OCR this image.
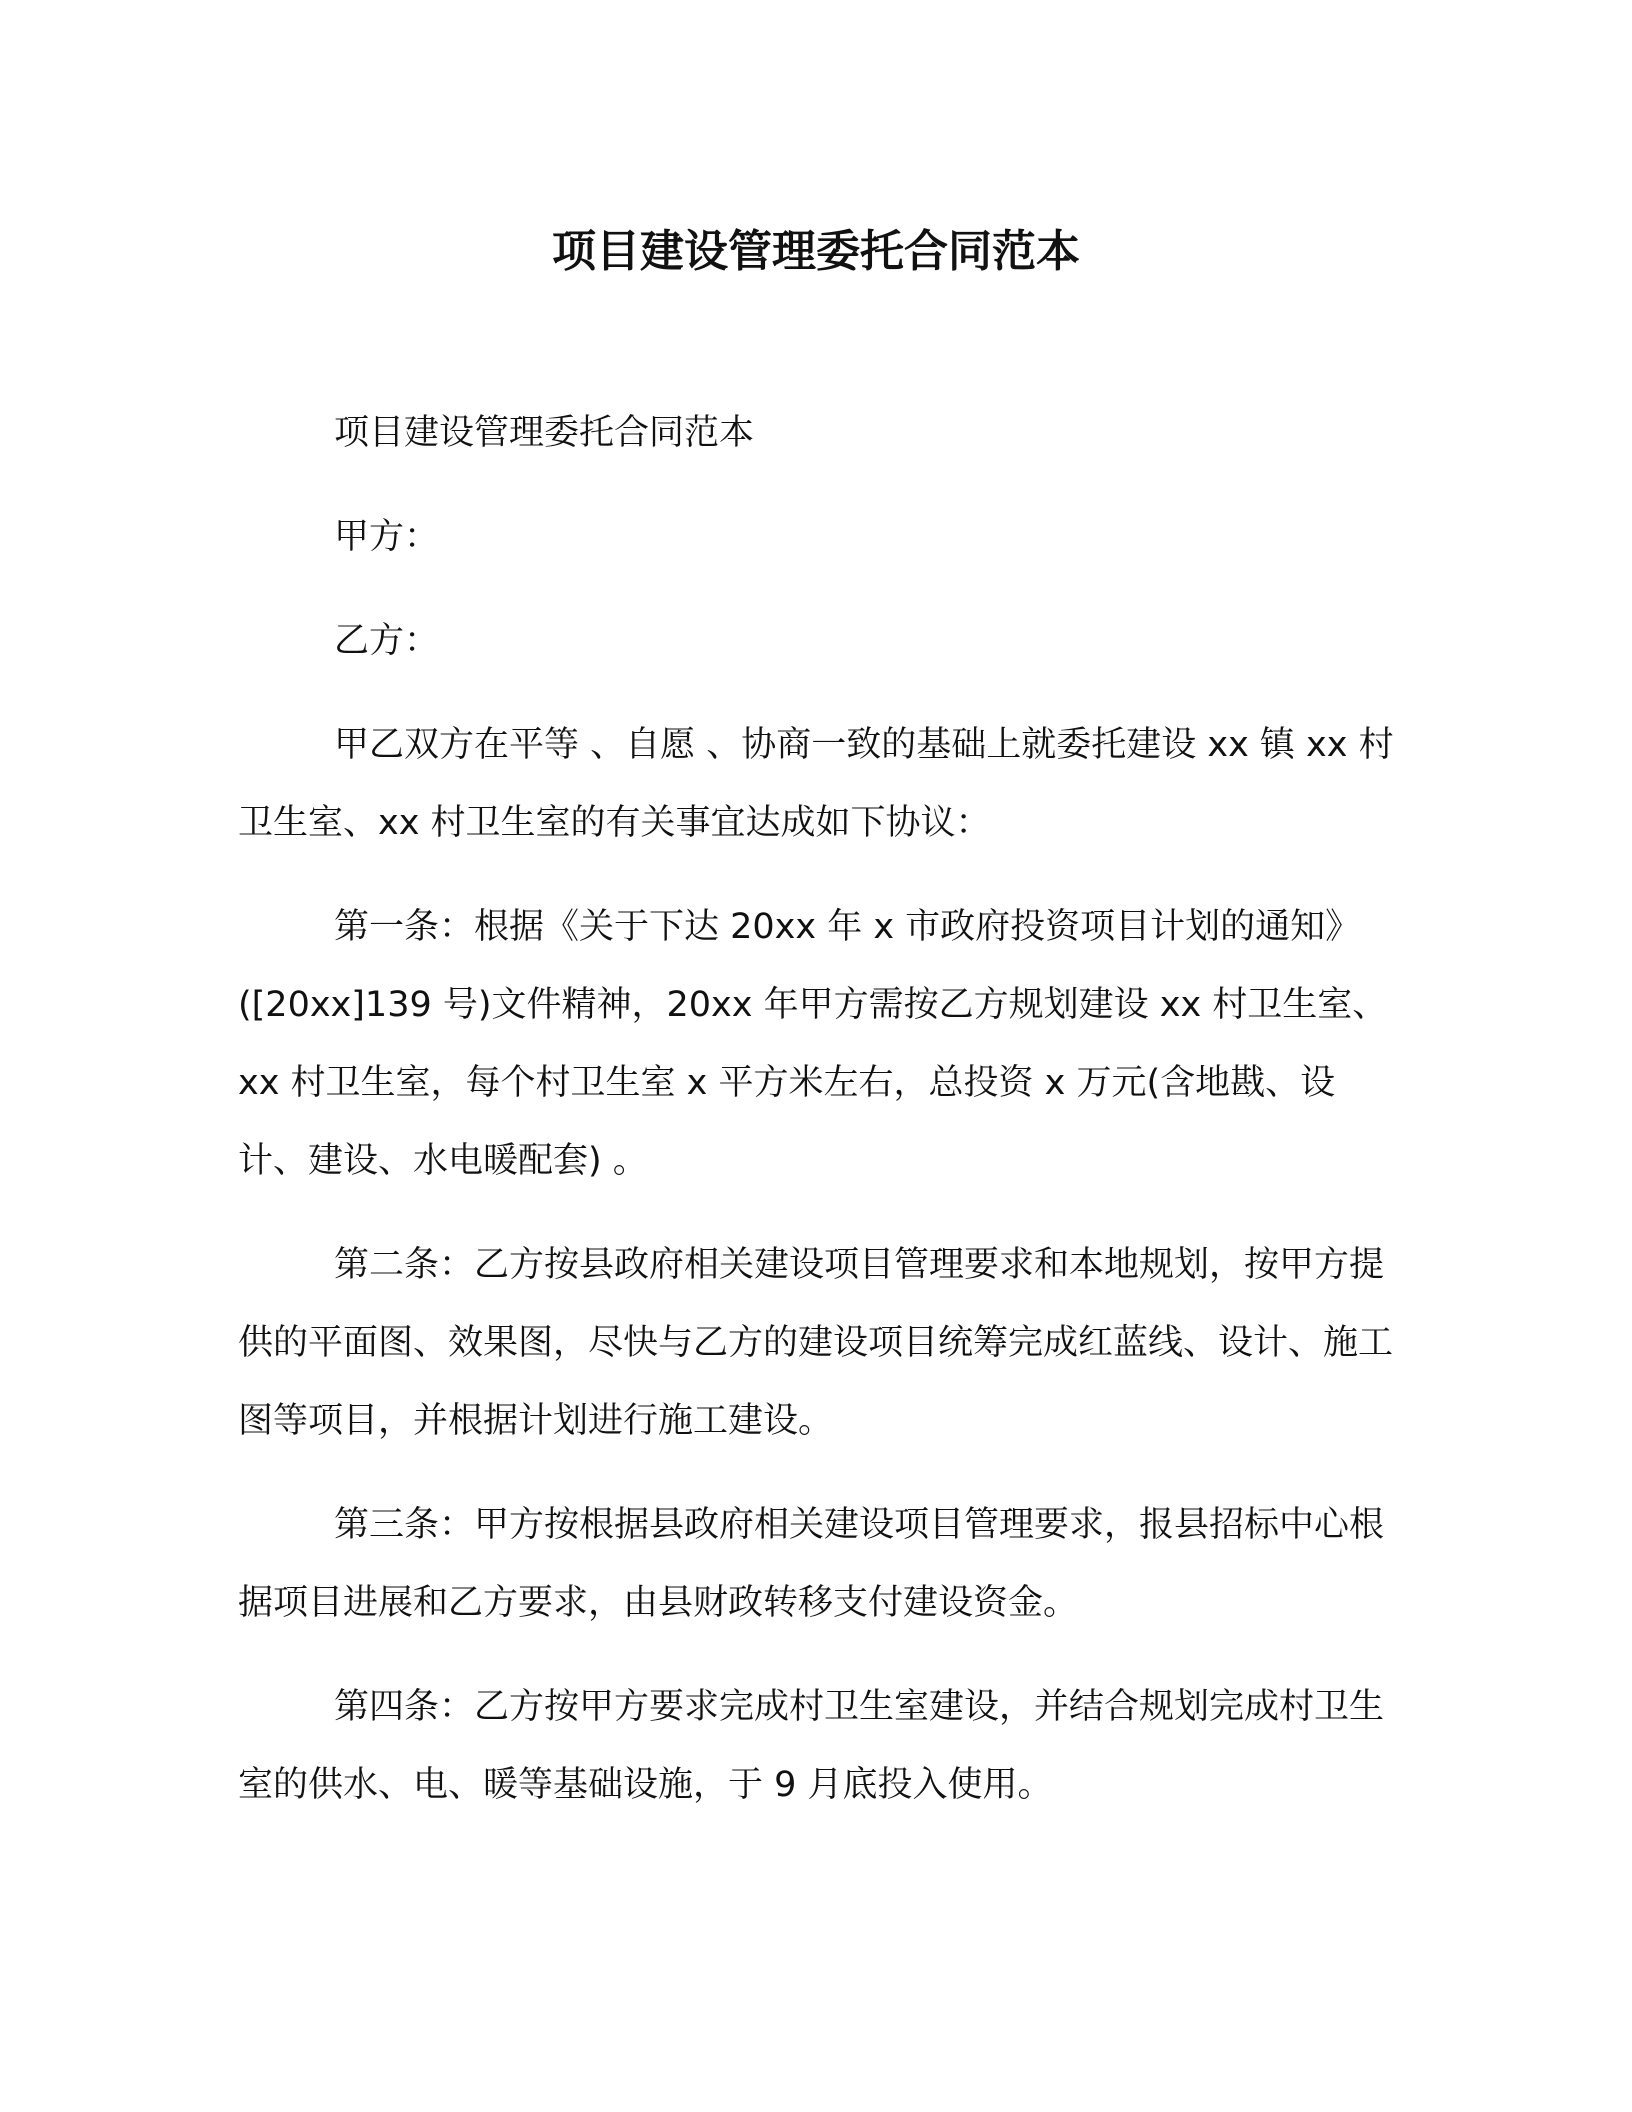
项目建设管理委托合同范本

项目建设管理委托合同范本

甲方：

乙方：

甲乙双方在平等 、自愿 、协商一致的基础上就委托建设 xx 镇 xx 村卫生室、xx 村卫生室的有关事宜达成如下协议：

第一条：根据《关于下达 20xx 年 x 市政府投资项目计划的通知》([20xx]139 号)文件精神，20xx 年甲方需按乙方规划建设 xx 村卫生室、xx 村卫生室，每个村卫生室 x 平方米左右，总投资 x 万元(含地戡、设计、建设、水电暖配套) 。

第二条：乙方按县政府相关建设项目管理要求和本地规划，按甲方提供的平面图、效果图，尽快与乙方的建设项目统筹完成红蓝线、设计、施工图等项目，并根据计划进行施工建设。

第三条：甲方按根据县政府相关建设项目管理要求，报县招标中心根据项目进展和乙方要求，由县财政转移支付建设资金。

第四条：乙方按甲方要求完成村卫生室建设，并结合规划完成村卫生室的供水、电、暖等基础设施，于 9 月底投入使用。
